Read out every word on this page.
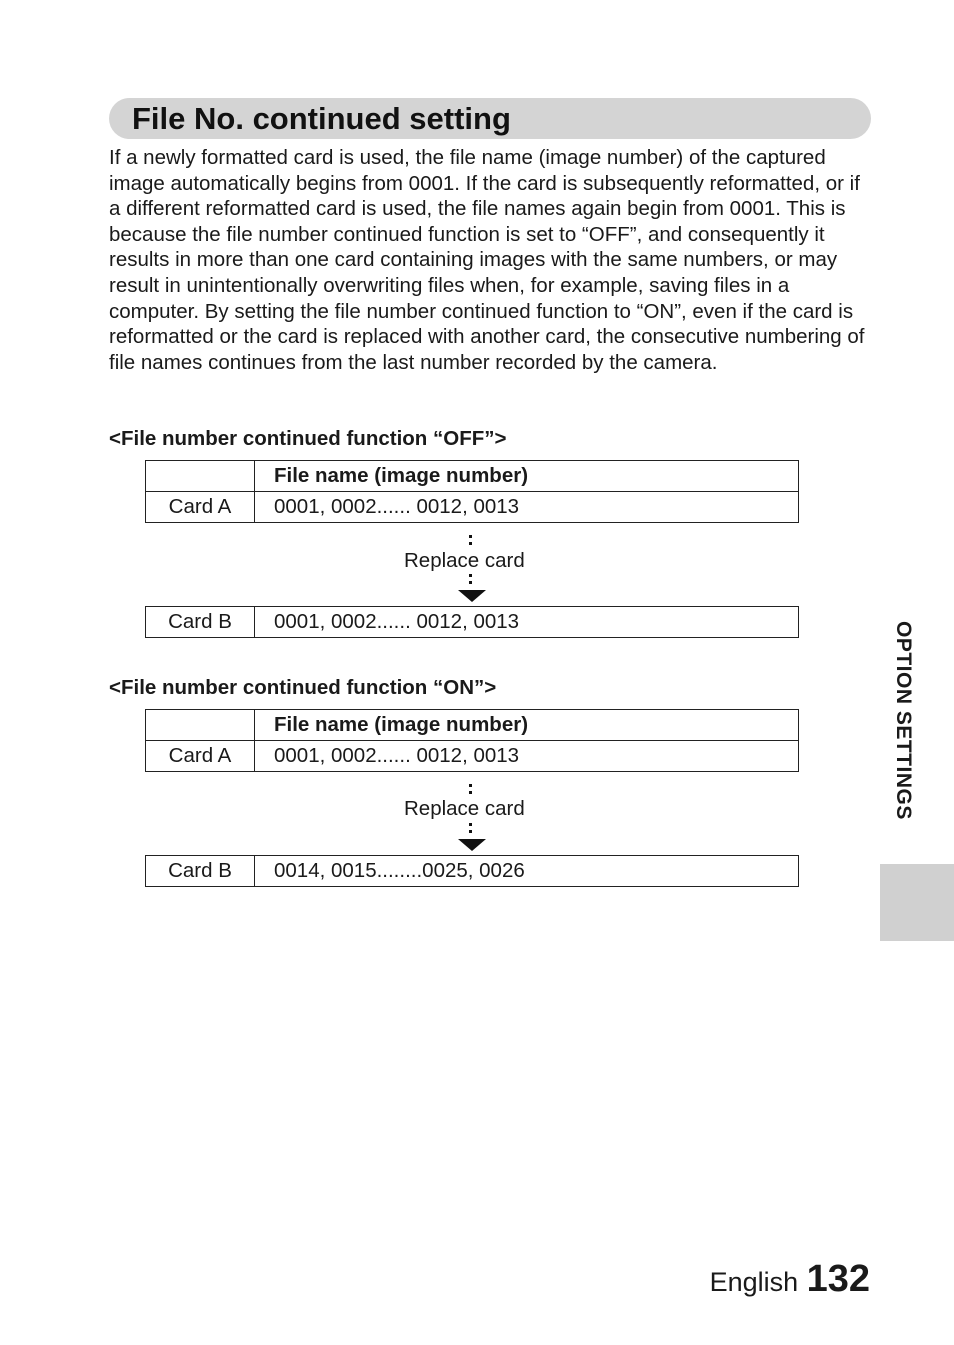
File No. continued setting

If a newly formatted card is used, the file name (image number) of the captured image automatically begins from 0001. If the card is subsequently reformatted, or if a different reformatted card is used, the file names again begin from 0001. This is because the file number continued function is set to “OFF”, and consequently it results in more than one card containing images with the same numbers, or may result in unintentionally overwriting files when, for example, saving files in a computer. By setting the file number continued function to “ON”, even if the card is reformatted or the card is replaced with another card, the consecutive numbering of file names continues from the last number recorded by the camera.

<File number continued function “OFF”>

	File name (image number)
Card A	0001, 0002...... 0012, 0013
Replace card
Card B	0001, 0002...... 0012, 0013

<File number continued function “ON”>

	File name (image number)
Card A	0001, 0002...... 0012, 0013
Replace card
Card B	0014, 0015........0025, 0026
OPTION SETTINGS
English 132
